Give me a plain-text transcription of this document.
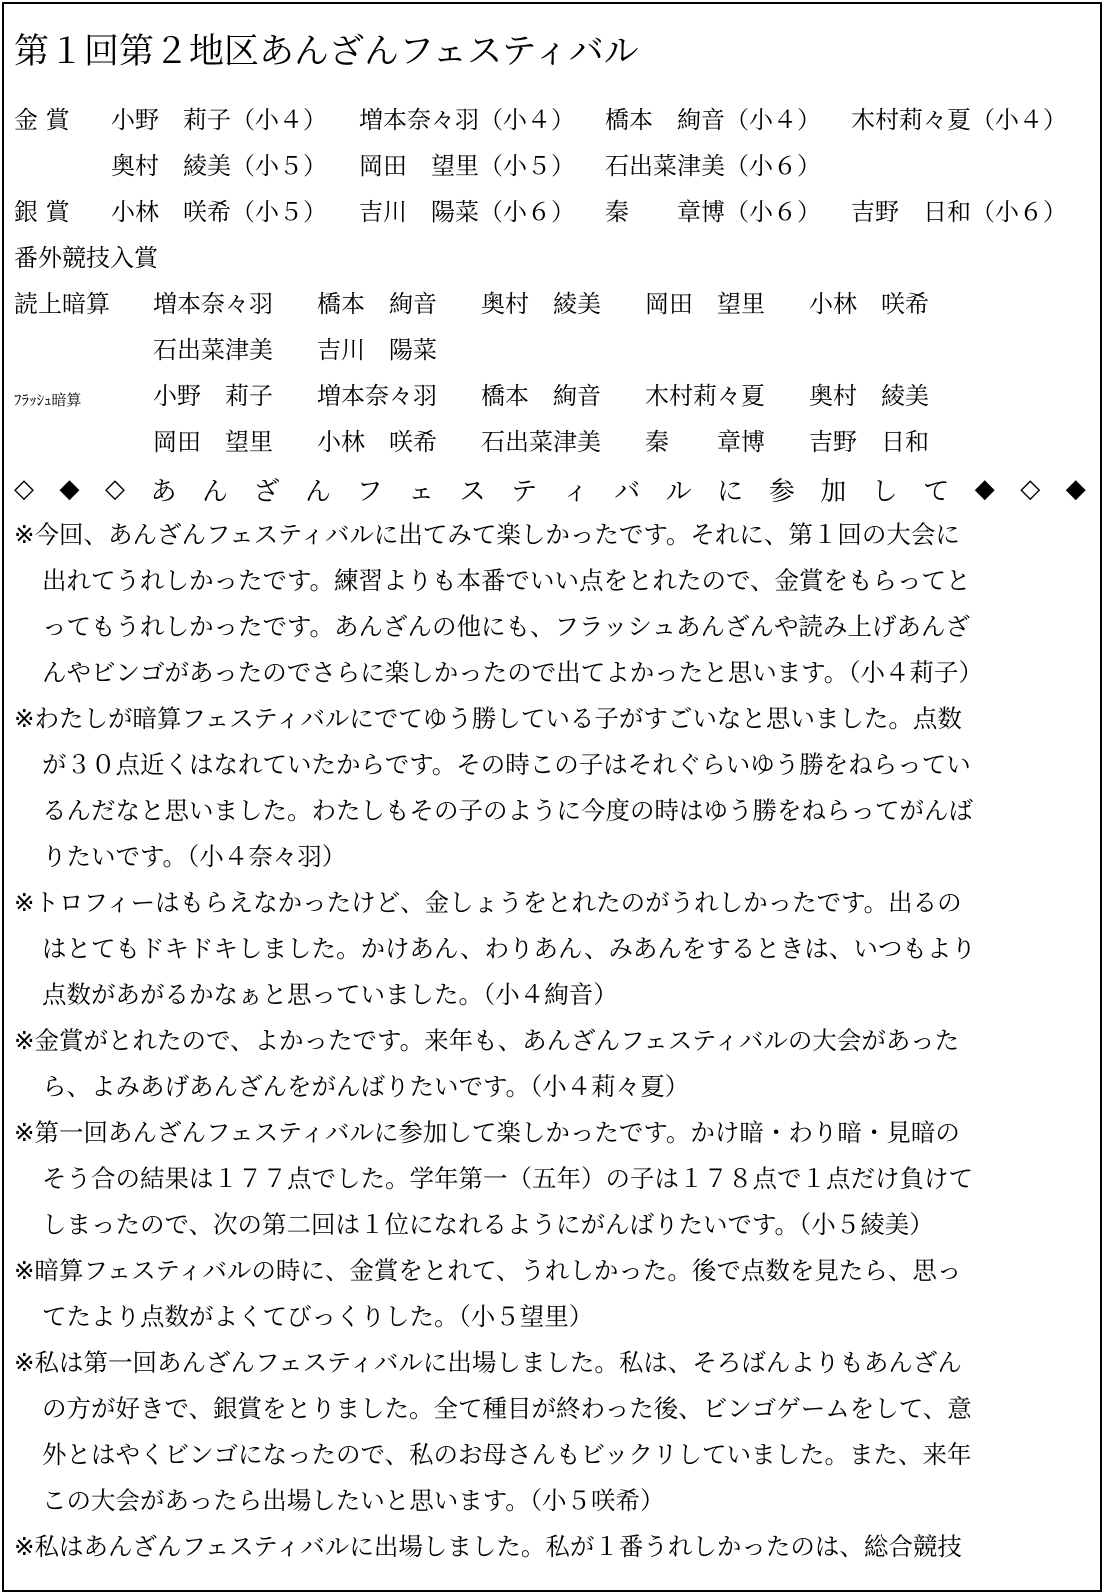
第１回第２地区あんざんフェスティバル
金 賞 小野　莉子（小４） 増本奈々羽（小４） 橋本　絢音（小４） 木村莉々夏（小４）
奥村　綾美（小５） 岡田　望里（小５） 石出菜津美（小６）
銀 賞 小林　咲希（小５） 吉川　陽菜（小６） 秦　　章博（小６） 吉野　日和（小６）
番外競技入賞
読上暗算 増本奈々羽 橋本　絢音 奥村　綾美 岡田　望里 小林　咲希
石出菜津美 吉川　陽菜
ﾌﾗｯｼｭ暗算	小野　莉子 増本奈々羽 橋本　絢音 木村莉々夏 奥村　綾美
岡田　望里 小林　咲希 石出菜津美 秦　　章博 吉野　日和
◇ ◆ ◇ あ ん ざ ん フ ェ ス テ ィ バ ル に 参 加 し て ◆ ◇ ◆
※今回、あんざんフェスティバルに出てみて楽しかったです。それに、第１回の大会に
出れてうれしかったです。練習よりも本番でいい点をとれたので、金賞をもらってと
ってもうれしかったです。あんざんの他にも、フラッシュあんざんや読み上げあんざ
んやビンゴがあったのでさらに楽しかったので出てよかったと思います。（小４莉子）
※わたしが暗算フェスティバルにでてゆう勝している子がすごいなと思いました。点数
が３０点近くはなれていたからです。その時この子はそれぐらいゆう勝をねらってい
るんだなと思いました。わたしもその子のように今度の時はゆう勝をねらってがんば
りたいです。（小４奈々羽）
※トロフィーはもらえなかったけど、金しょうをとれたのがうれしかったです。出るの
はとてもドキドキしました。かけあん、わりあん、みあんをするときは、いつもより
点数があがるかなぁと思っていました。（小４絢音）
※金賞がとれたので、よかったです。来年も、あんざんフェスティバルの大会があった
ら、よみあげあんざんをがんばりたいです。（小４莉々夏）
※第一回あんざんフェスティバルに参加して楽しかったです。かけ暗・わり暗・見暗の
そう合の結果は１７７点でした。学年第一（五年）の子は１７８点で１点だけ負けて
しまったので、次の第二回は１位になれるようにがんばりたいです。（小５綾美）
※暗算フェスティバルの時に、金賞をとれて、うれしかった。後で点数を見たら、思っ
てたより点数がよくてびっくりした。（小５望里）
※私は第一回あんざんフェスティバルに出場しました。私は、そろばんよりもあんざん
の方が好きで、銀賞をとりました。全て種目が終わった後、ビンゴゲームをして、意
外とはやくビンゴになったので、私のお母さんもビックリしていました。また、来年
この大会があったら出場したいと思います。（小５咲希）
※私はあんざんフェスティバルに出場しました。私が１番うれしかったのは、総合競技
